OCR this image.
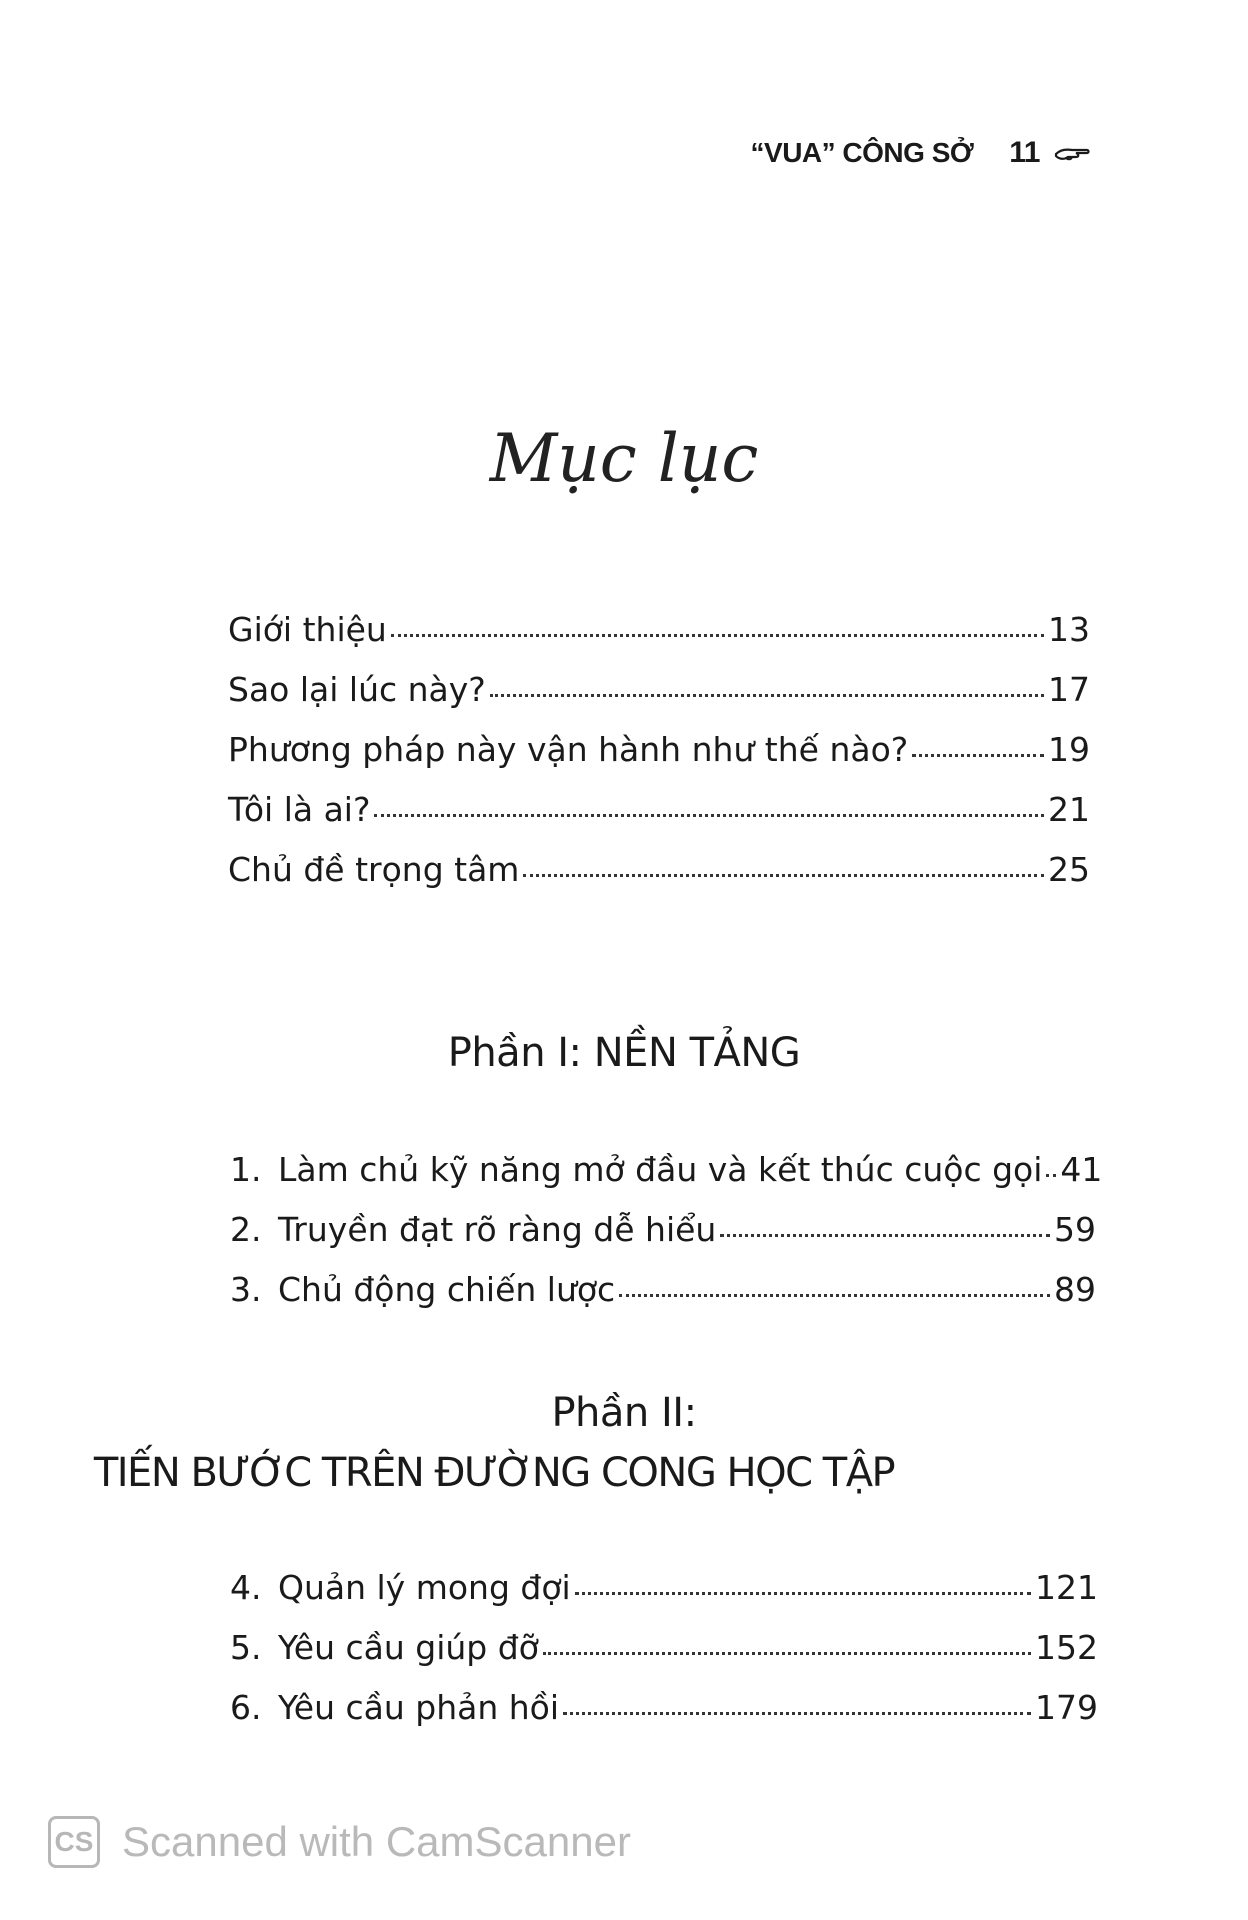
“VUA” CÔNG SỞ 11
Mục lục
Giới thiệu	13
Sao lại lúc này?	17
Phương pháp này vận hành như thế nào?	19
Tôi là ai?	21
Chủ đề trọng tâm	25
Phần I: NỀN TẢNG
1. Làm chủ kỹ năng mở đầu và kết thúc cuộc gọi 41
2. Truyền đạt rõ ràng dễ hiểu	59
3. Chủ động chiến lược	89
Phần II:
TIẾN BƯỚC TRÊN ĐƯỜNG CONG HỌC TẬP
4. Quản lý mong đợi	121
5. Yêu cầu giúp đỡ	152
6. Yêu cầu phản hồi	179
CS Scanned with CamScanner
